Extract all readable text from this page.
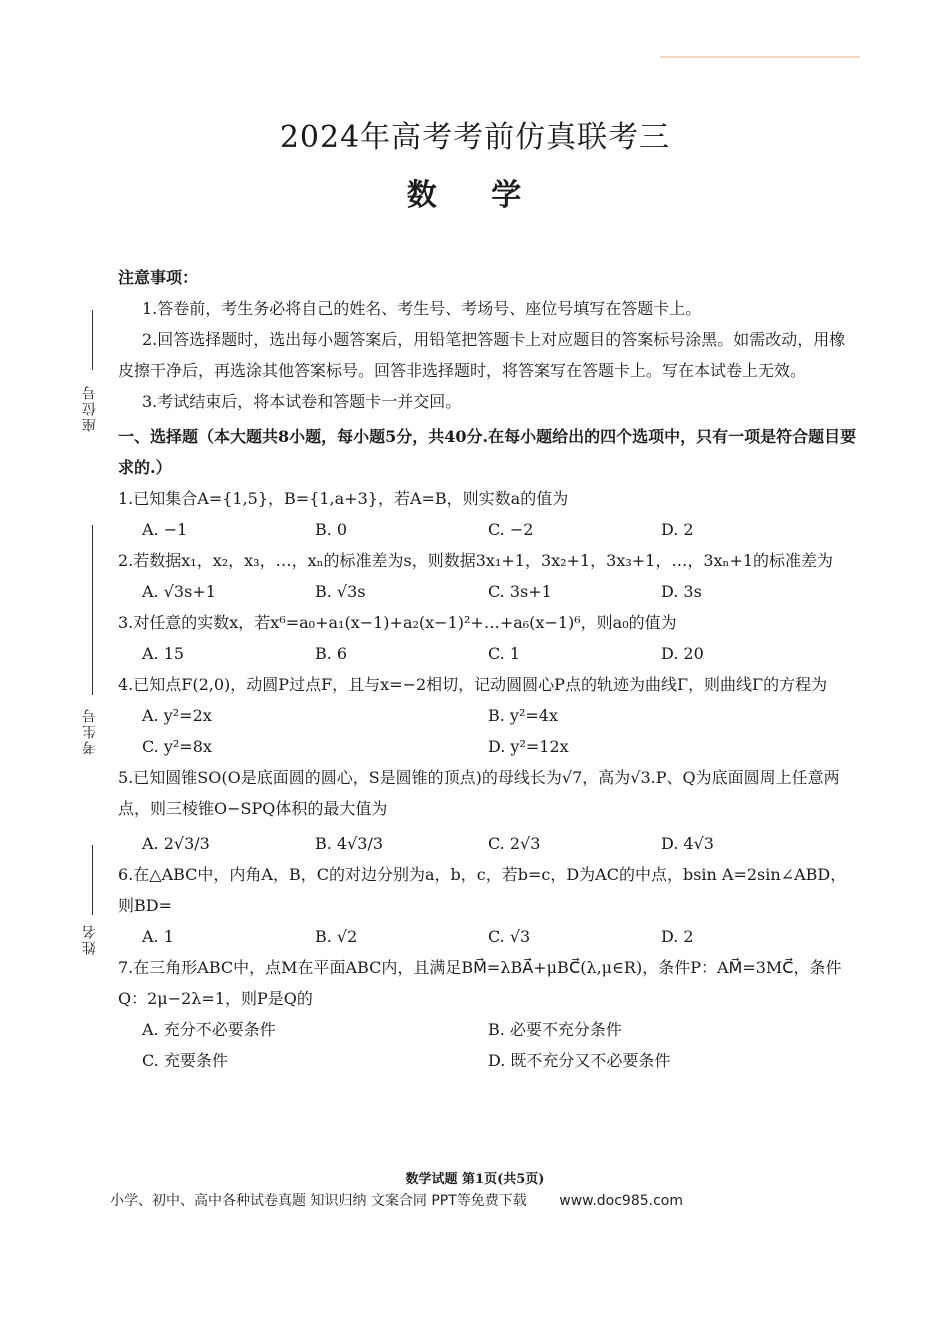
2024年高考考前仿真联考三
数 学
座位号
考生号
姓名
注意事项：
1.答卷前，考生务必将自己的姓名、考生号、考场号、座位号填写在答题卡上。
2.回答选择题时，选出每小题答案后，用铅笔把答题卡上对应题目的答案标号涂黑。如需改动，用橡皮擦干净后，再选涂其他答案标号。回答非选择题时，将答案写在答题卡上。写在本试卷上无效。
3.考试结束后，将本试卷和答题卡一并交回。
一、选择题（本大题共8小题，每小题5分，共40分.在每小题给出的四个选项中，只有一项是符合题目要求的.）
1.已知集合A={1,5}，B={1,a+3}，若A=B，则实数a的值为
A. −1	B. 0	C. −2	D. 2
2.若数据x₁，x₂，x₃，…，xₙ的标准差为s，则数据3x₁+1，3x₂+1，3x₃+1，…，3xₙ+1的标准差为
A. √3s+1	B. √3s	C. 3s+1	D. 3s
3.对任意的实数x，若x⁶=a₀+a₁(x−1)+a₂(x−1)²+…+a₆(x−1)⁶，则a₀的值为
A. 15	B. 6	C. 1	D. 20
4.已知点F(2,0)，动圆P过点F，且与x=−2相切，记动圆圆心P点的轨迹为曲线Γ，则曲线Γ的方程为
A. y²=2x	B. y²=4x
C. y²=8x	D. y²=12x
5.已知圆锥SO(O是底面圆的圆心，S是圆锥的顶点)的母线长为√7，高为√3.P、Q为底面圆周上任意两点，则三棱锥O−SPQ体积的最大值为
A. 2√3/3	B. 4√3/3	C. 2√3	D. 4√3
6.在△ABC中，内角A，B，C的对边分别为a，b，c，若b=c，D为AC的中点，bsin A=2sin∠ABD，则BD=
A. 1	B. √2	C. √3	D. 2
7.在三角形ABC中，点M在平面ABC内，且满足BM⃗=λBA⃗+μBC⃗(λ,μ∈R)，条件P：AM⃗=3MC⃗，条件Q：2μ−2λ=1，则P是Q的
A. 充分不必要条件	B. 必要不充分条件
C. 充要条件	D. 既不充分又不必要条件
数学试题 第1页(共5页)
小学、初中、高中各种试卷真题 知识归纳 文案合同 PPT等免费下载 www.doc985.com
